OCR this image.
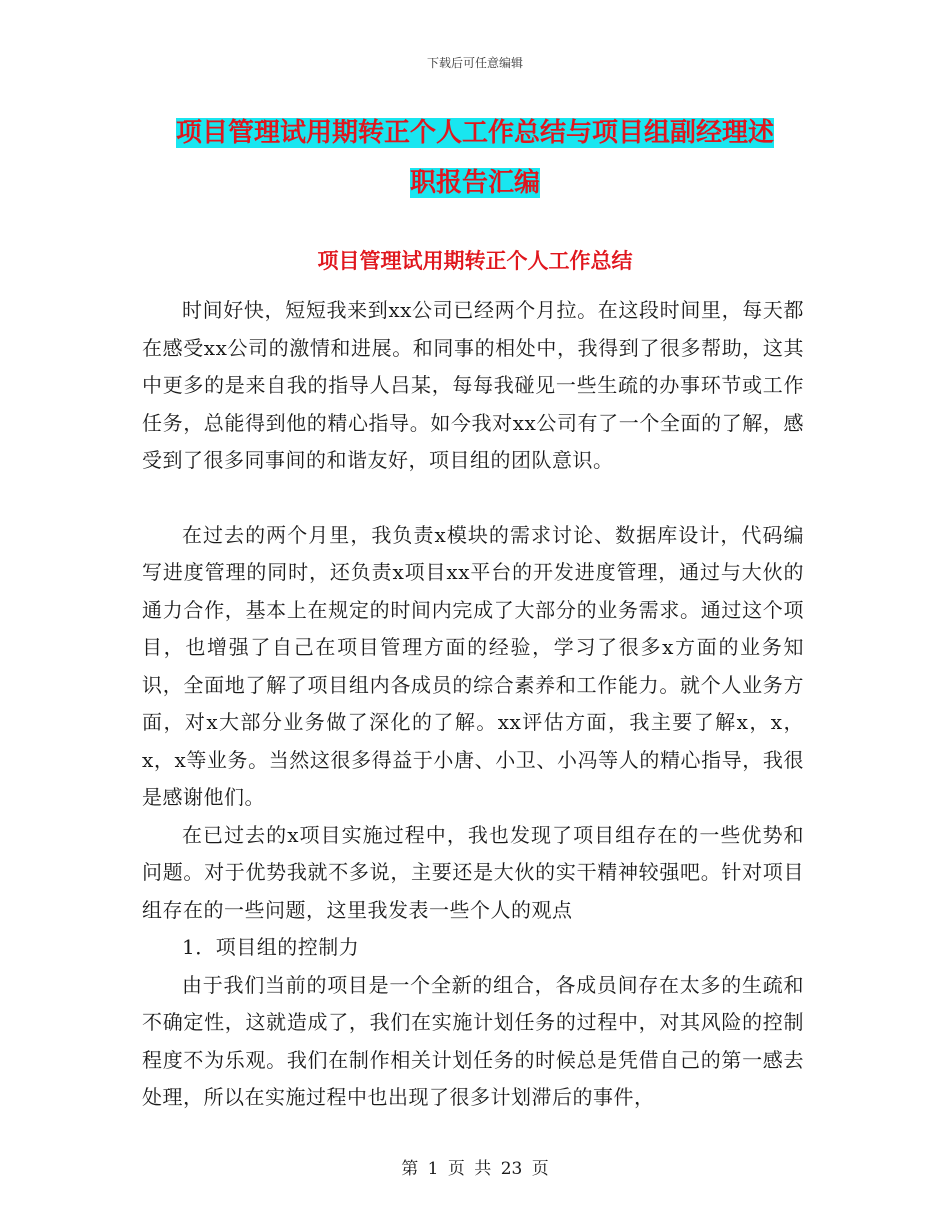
下载后可任意编辑
项目管理试用期转正个人工作总结与项目组副经理述
职报告汇编
项目管理试用期转正个人工作总结

时间好快，短短我来到xx公司已经两个月拉。在这段时间里，每天都在感受xx公司的激情和进展。和同事的相处中，我得到了很多帮助，这其中更多的是来自我的指导人吕某，每每我碰见一些生疏的办事环节或工作任务，总能得到他的精心指导。如今我对xx公司有了一个全面的了解，感受到了很多同事间的和谐友好，项目组的团队意识。

在过去的两个月里，我负责x模块的需求讨论、数据库设计，代码编写进度管理的同时，还负责x项目xx平台的开发进度管理，通过与大伙的通力合作，基本上在规定的时间内完成了大部分的业务需求。通过这个项目，也增强了自己在项目管理方面的经验，学习了很多x方面的业务知识，全面地了解了项目组内各成员的综合素养和工作能力。就个人业务方面，对x大部分业务做了深化的了解。xx评估方面，我主要了解x，x，x，x等业务。当然这很多得益于小唐、小卫、小冯等人的精心指导，我很是感谢他们。

在已过去的x项目实施过程中，我也发现了项目组存在的一些优势和问题。对于优势我就不多说，主要还是大伙的实干精神较强吧。针对项目组存在的一些问题，这里我发表一些个人的观点

1．项目组的控制力

由于我们当前的项目是一个全新的组合，各成员间存在太多的生疏和不确定性，这就造成了，我们在实施计划任务的过程中，对其风险的控制程度不为乐观。我们在制作相关计划任务的时候总是凭借自己的第一感去处理，所以在实施过程中也出现了很多计划滞后的事件，

第 1 页 共 23 页
